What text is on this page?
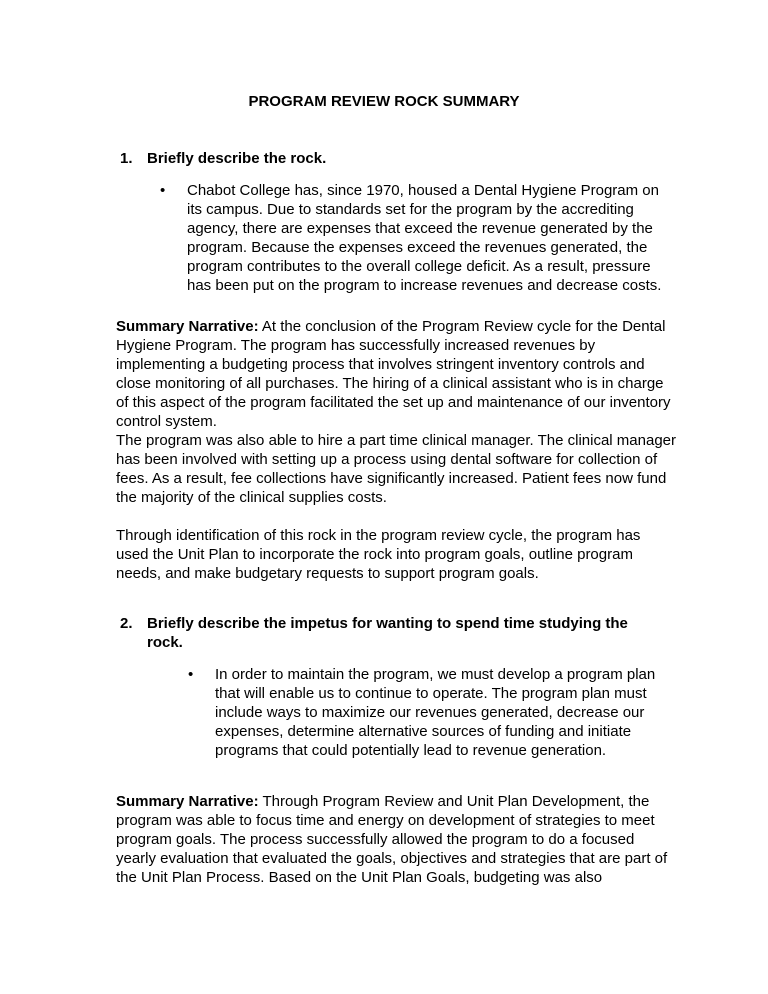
PROGRAM REVIEW ROCK SUMMARY
1. Briefly describe the rock.
•	Chabot College has, since 1970, housed a Dental Hygiene Program on its campus. Due to standards set for the program by the accrediting agency, there are expenses that exceed the revenue generated by the program. Because the expenses exceed the revenues generated, the program contributes to the overall college deficit. As a result, pressure has been put on the program to increase revenues and decrease costs.
Summary Narrative: At the conclusion of the Program Review cycle for the Dental Hygiene Program. The program has successfully increased revenues by implementing a budgeting process that involves stringent inventory controls and close monitoring of all purchases. The hiring of a clinical assistant who is in charge of this aspect of the program facilitated the set up and maintenance of our inventory control system.
The program was also able to hire a part time clinical manager. The clinical manager has been involved with setting up a process using dental software for collection of fees. As a result, fee collections have significantly increased. Patient fees now fund the majority of the clinical supplies costs.
Through identification of this rock in the program review cycle, the program has used the Unit Plan to incorporate the rock into program goals, outline program needs, and make budgetary requests to support program goals.
2. Briefly describe the impetus for wanting to spend time studying the rock.
•	In order to maintain the program, we must develop a program plan that will enable us to continue to operate. The program plan must include ways to maximize our revenues generated, decrease our expenses, determine alternative sources of funding and initiate programs that could potentially lead to revenue generation.
Summary Narrative: Through Program Review and Unit Plan Development, the program was able to focus time and energy on development of strategies to meet program goals. The process successfully allowed the program to do a focused yearly evaluation that evaluated the goals, objectives and strategies that are part of the Unit Plan Process. Based on the Unit Plan Goals, budgeting was also
